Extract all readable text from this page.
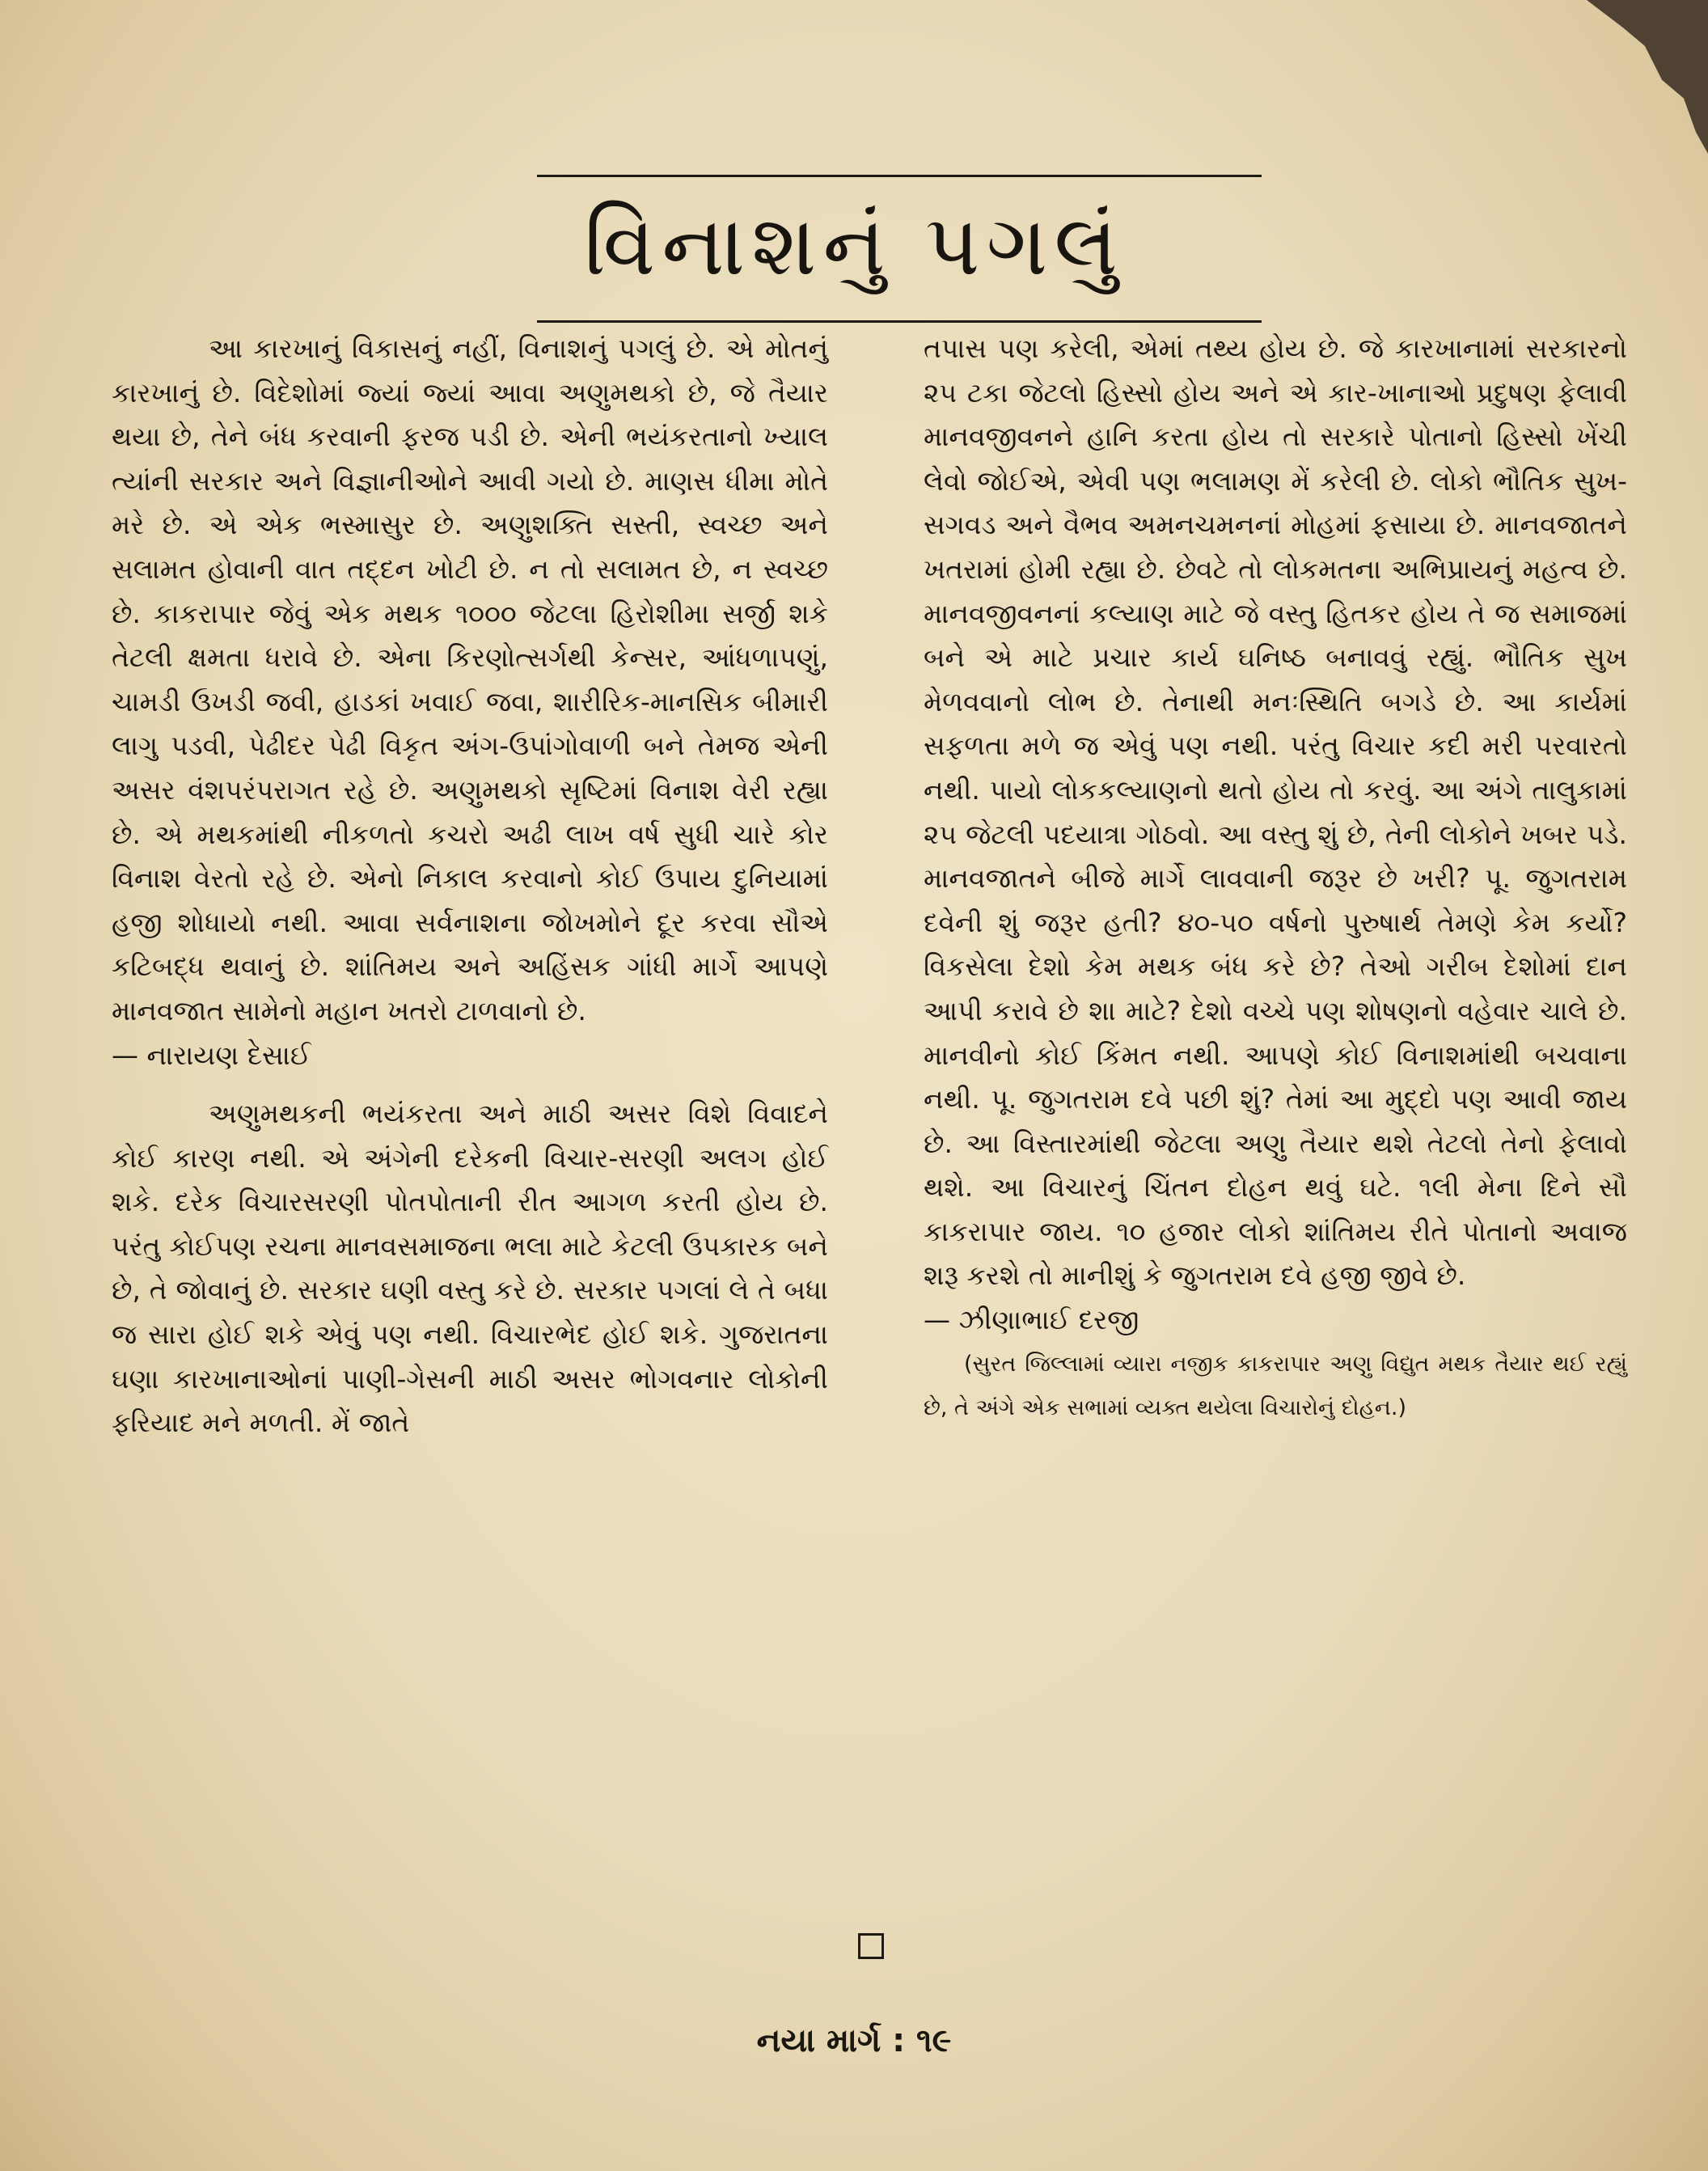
વિનાશનું પગલું

આ કારખાનું વિકાસનું નહીં, વિનાશનું પગલું છે. એ મોતનું કારખાનું છે. વિદેશોમાં જ્યાં જ્યાં આવા અણુમથકો છે, જે તૈયાર થયા છે, તેને બંધ કરવાની ફરજ પડી છે. એની ભયંકરતાનો ખ્યાલ ત્યાંની સરકાર અને વિજ્ઞાનીઓને આવી ગયો છે. માણસ ધીમા મોતે મરે છે. એ એક ભસ્માસુર છે. અણુશક્તિ સસ્તી, સ્વચ્છ અને સલામત હોવાની વાત તદ્દન ખોટી છે. ન તો સલામત છે, ન સ્વચ્છ છે. કાકરાપાર જેવું એક મથક ૧૦૦૦ જેટલા હિરોશીમા સર્જી શકે તેટલી ક્ષમતા ધરાવે છે. એના કિરણોત્સર્ગથી કેન્સર, આંધળાપણું, ચામડી ઉખડી જવી, હાડકાં ખવાઈ જવા, શારીરિક-માનસિક બીમારી લાગુ પડવી, પેઢીદર પેઢી વિકૃત અંગ-ઉપાંગોવાળી બને તેમજ એની અસર વંશપરંપરાગત રહે છે. અણુમથકો સૃષ્ટિમાં વિનાશ વેરી રહ્યા છે. એ મથકમાંથી નીકળતો કચરો અઢી લાખ વર્ષ સુધી ચારે કોર વિનાશ વેરતો રહે છે. એનો નિકાલ કરવાનો કોઈ ઉપાય દુનિયામાં હજી શોધાયો નથી. આવા સર્વનાશના જોખમોને દૂર કરવા સૌએ કટિબદ્ધ થવાનું છે. શાંતિમય અને અહિંસક ગાંધી માર્ગે આપણે માનવજાત સામેનો મહાન ખતરો ટાળવાનો છે.

— નારાયણ દેસાઈ

અણુમથકની ભયંકરતા અને માઠી અસર વિશે વિવાદને કોઈ કારણ નથી. એ અંગેની દરેકની વિચાર-સરણી અલગ હોઈ શકે. દરેક વિચારસરણી પોતપોતાની રીત આગળ કરતી હોય છે. પરંતુ કોઈપણ રચના માનવસમાજના ભલા માટે કેટલી ઉપકારક બને છે, તે જોવાનું છે. સરકાર ઘણી વસ્તુ કરે છે. સરકાર પગલાં લે તે બધા જ સારા હોઈ શકે એવું પણ નથી. વિચારભેદ હોઈ શકે. ગુજરાતના ઘણા કારખાનાઓનાં પાણી-ગેસની માઠી અસર ભોગવનાર લોકોની ફરિયાદ મને મળતી. મેં જાતે

તપાસ પણ કરેલી, એમાં તથ્ય હોય છે. જે કારખાનામાં સરકારનો ૨૫ ટકા જેટલો હિસ્સો હોય અને એ કાર-ખાનાઓ પ્રદુષણ ફેલાવી માનવજીવનને હાનિ કરતા હોય તો સરકારે પોતાનો હિસ્સો ખેંચી લેવો જોઈએ, એવી પણ ભલામણ મેં કરેલી છે. લોકો ભૌતિક સુખ-સગવડ અને વૈભવ અમનચમનનાં મોહમાં ફસાયા છે. માનવજાતને ખતરામાં હોમી રહ્યા છે. છેવટે તો લોકમતના અભિપ્રાયનું મહત્વ છે. માનવજીવનનાં કલ્યાણ માટે જે વસ્તુ હિતકર હોય તે જ સમાજમાં બને એ માટે પ્રચાર કાર્ય ઘનિષ્ઠ બનાવવું રહ્યું. ભૌતિક સુખ મેળવવાનો લોભ છે. તેનાથી મનઃસ્થિતિ બગડે છે. આ કાર્યમાં સફળતા મળે જ એવું પણ નથી. પરંતુ વિચાર કદી મરી પરવારતો નથી. પાયો લોકકલ્યાણનો થતો હોય તો કરવું. આ અંગે તાલુકામાં ૨૫ જેટલી પદયાત્રા ગોઠવો. આ વસ્તુ શું છે, તેની લોકોને ખબર પડે. માનવજાતને બીજે માર્ગે લાવવાની જરૂર છે ખરી? પૂ. જુગતરામ દવેની શું જરૂર હતી? ૪૦-૫૦ વર્ષનો પુરુષાર્થ તેમણે કેમ કર્યો? વિકસેલા દેશો કેમ મથક બંધ કરે છે? તેઓ ગરીબ દેશોમાં દાન આપી કરાવે છે શા માટે? દેશો વચ્ચે પણ શોષણનો વહેવાર ચાલે છે. માનવીનો કોઈ કિંમત નથી. આપણે કોઈ વિનાશમાંથી બચવાના નથી. પૂ. જુગતરામ દવે પછી શું? તેમાં આ મુદ્દો પણ આવી જાય છે. આ વિસ્તારમાંથી જેટલા અણુ તૈયાર થશે તેટલો તેનો ફેલાવો થશે. આ વિચારનું ચિંતન દોહન થવું ઘટે. ૧લી મેના દિને સૌ કાકરાપાર જાય. ૧૦ હજાર લોકો શાંતિમય રીતે પોતાનો અવાજ શરૂ કરશે તો માનીશું કે જુગતરામ દવે હજી જીવે છે.

— ઝીણાભાઈ દરજી

(સુરત જિલ્લામાં વ્યારા નજીક કાકરાપાર અણુ વિદ્યુત મથક તૈયાર થઈ રહ્યું છે, તે અંગે એક સભામાં વ્યક્ત થયેલા વિચારોનું દોહન.)

નયા માર્ગ : ૧૯
